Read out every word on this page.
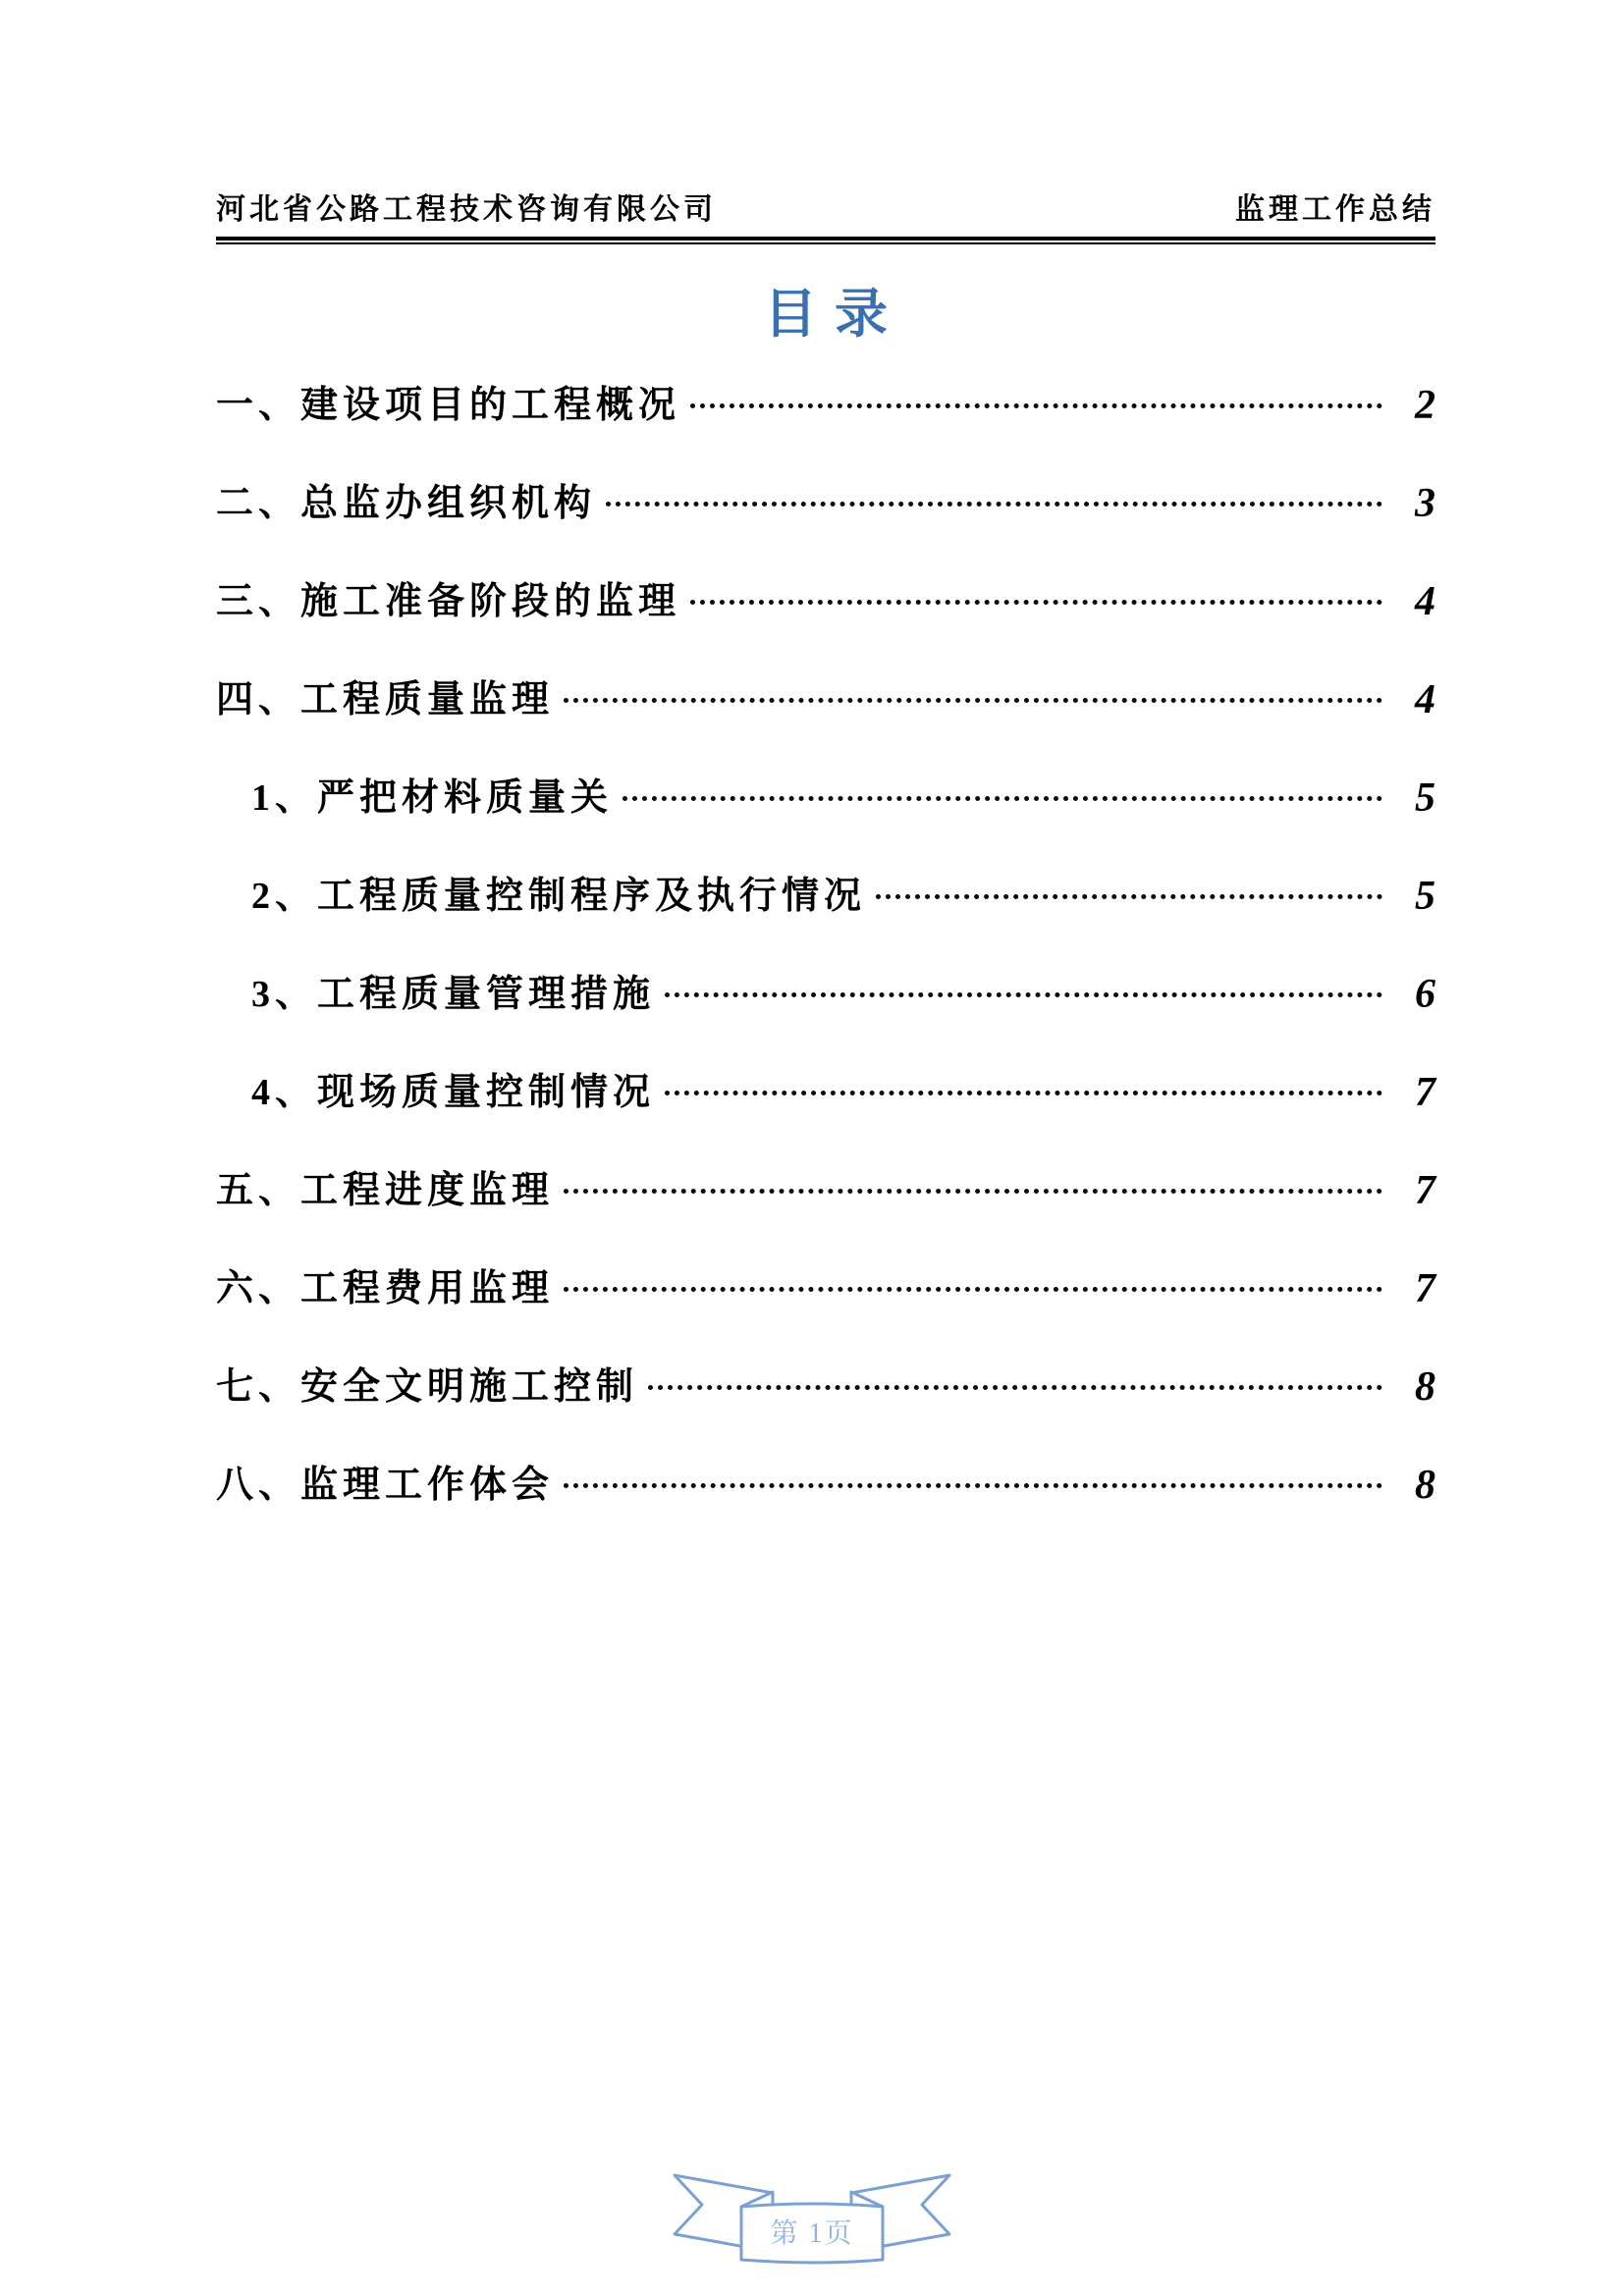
河北省公路工程技术咨询有限公司	监理工作总结
目录
一、建设项目的工程概况	2
二、总监办组织机构	3
三、施工准备阶段的监理	4
四、工程质量监理	4
1、严把材料质量关	5
2、工程质量控制程序及执行情况	5
3、工程质量管理措施	6
4、现场质量控制情况	7
五、工程进度监理	7
六、工程费用监理	7
七、安全文明施工控制	8
八、监理工作体会	8
第 1页
